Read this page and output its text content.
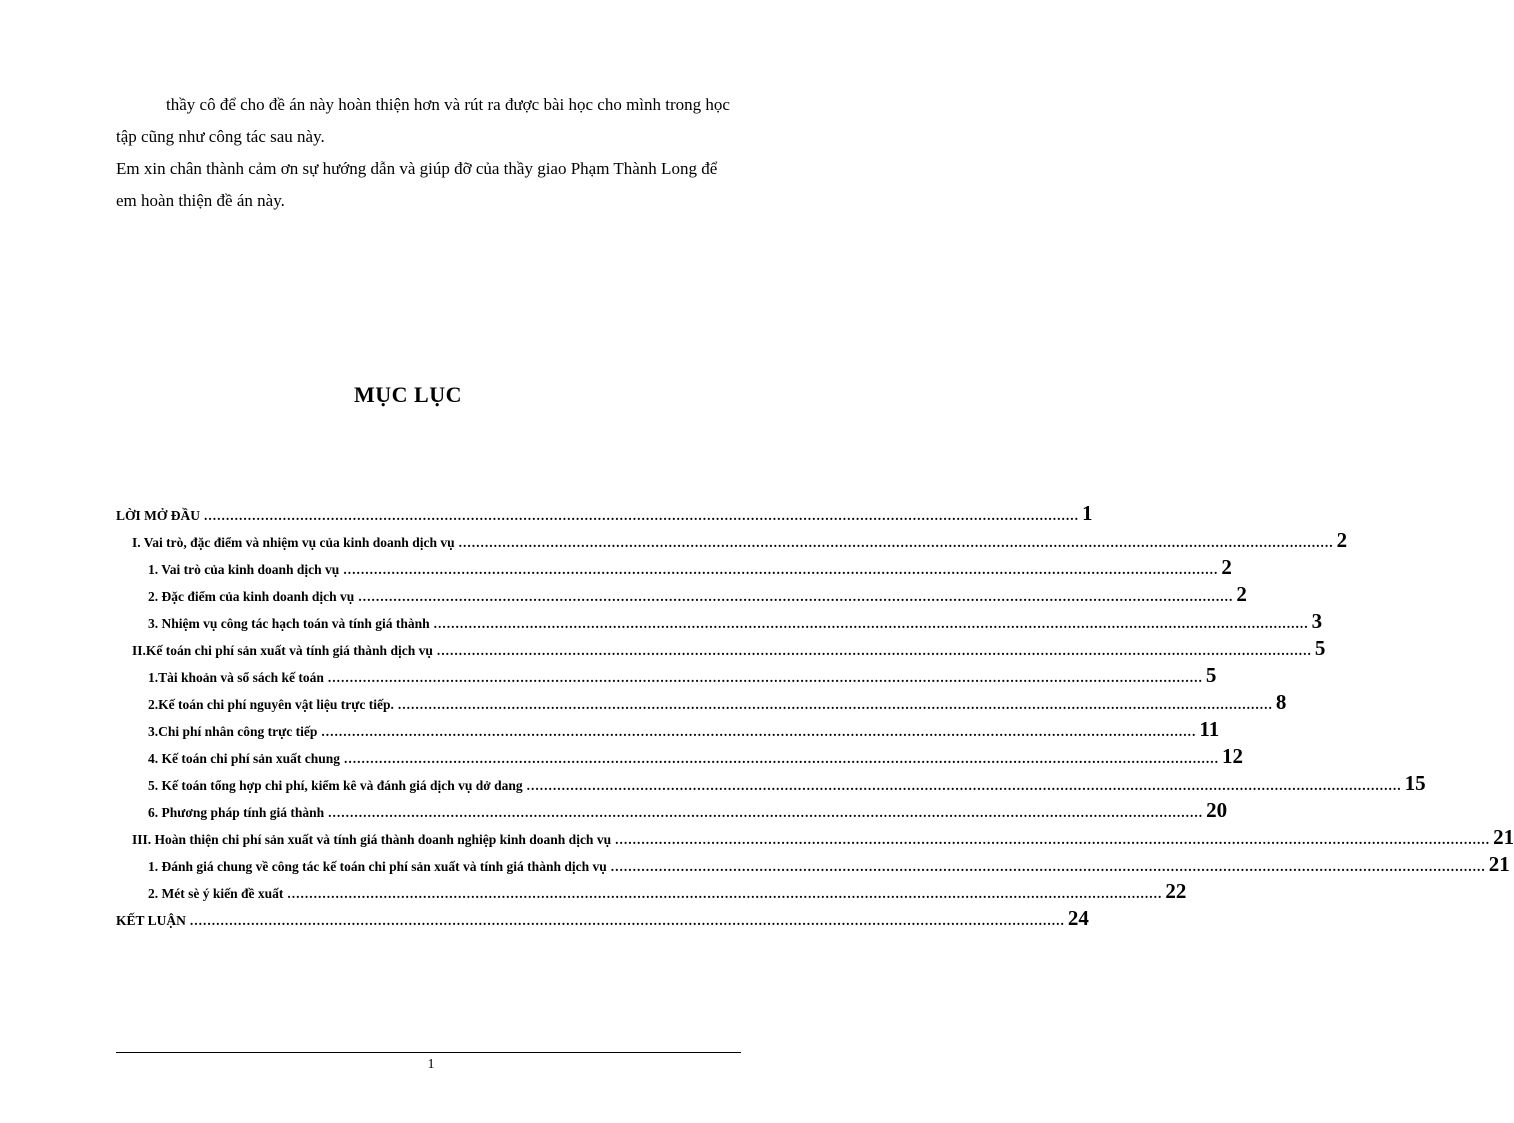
thầy cô để cho đề án này hoàn thiện hơn và rút ra được bài học cho mình trong học tập cũng như công tác sau này.
Em xin chân thành cảm ơn sự hướng dẫn và giúp đỡ của thầy giao Phạm Thành Long để em hoàn thiện đề án này.
MỤC LỤC
LỜI MỞ ĐẦU ........................................................................................................................................................................................................ 1
I. Vai trò, đặc điểm và nhiệm vụ của kinh doanh dịch vụ ........................................................................................................................................................................................................ 2
1. Vai trò của kinh doanh dịch vụ ........................................................................................................................................................................................................ 2
2. Đặc điểm của kinh doanh dịch vụ ........................................................................................................................................................................................................ 2
3. Nhiệm vụ công tác hạch toán và tính giá thành ........................................................................................................................................................................................................ 3
II.Kế toán chi phí sản xuất và tính giá thành dịch vụ ........................................................................................................................................................................................................ 5
1.Tài khoản và sổ sách kế toán ........................................................................................................................................................................................................ 5
2.Kế toán chi phí nguyên vật liệu trực tiếp. ........................................................................................................................................................................................................ 8
3.Chi phí nhân công trực tiếp ........................................................................................................................................................................................................ 11
4. Kế toán chi phí sản xuất chung ........................................................................................................................................................................................................ 12
5. Kế toán tổng hợp chi phí, kiểm kê và đánh giá dịch vụ dở dang ........................................................................................................................................................................................................ 15
6. Phương pháp tính giá thành ........................................................................................................................................................................................................ 20
III. Hoàn thiện chi phí sản xuất và tính giá thành doanh nghiệp kinh doanh dịch vụ ........................................................................................................................................................................................................ 21
1. Đánh giá chung về công tác kế toán chi phí sản xuất và tính giá thành dịch vụ ........................................................................................................................................................................................................ 21
2. Mét sè ý kiến đề xuất ........................................................................................................................................................................................................ 22
KẾT LUẬN ........................................................................................................................................................................................................ 24
1
